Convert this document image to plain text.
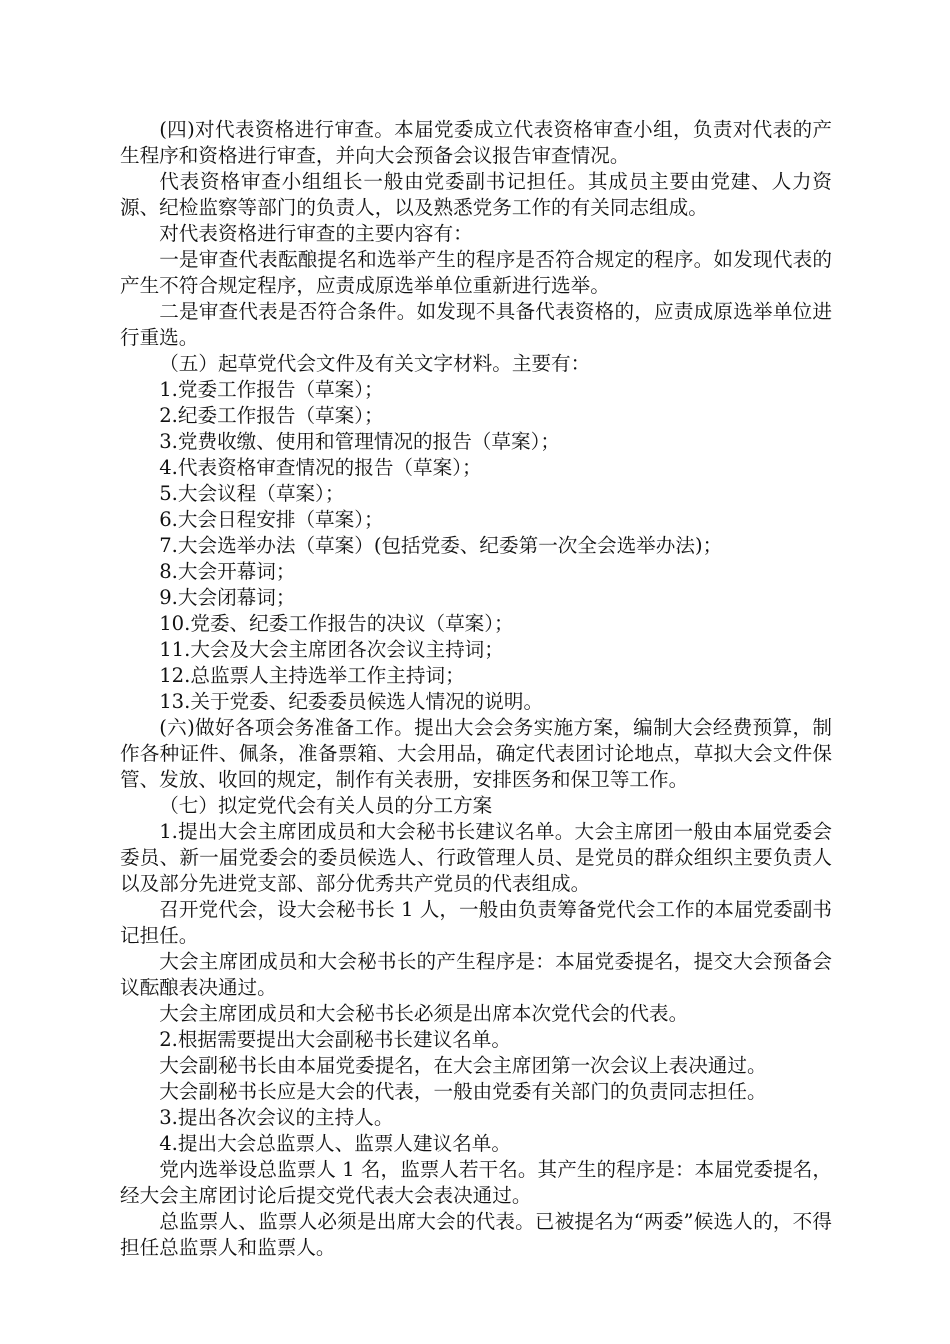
(四)对代表资格进行审查。本届党委成立代表资格审查小组，负责对代表的产生程序和资格进行审查，并向大会预备会议报告审查情况。

代表资格审查小组组长一般由党委副书记担任。其成员主要由党建、人力资源、纪检监察等部门的负责人，以及熟悉党务工作的有关同志组成。

对代表资格进行审查的主要内容有：

一是审查代表酝酿提名和选举产生的程序是否符合规定的程序。如发现代表的产生不符合规定程序，应责成原选举单位重新进行选举。

二是审查代表是否符合条件。如发现不具备代表资格的，应责成原选举单位进行重选。

（五）起草党代会文件及有关文字材料。主要有：

1.党委工作报告（草案）；

2.纪委工作报告（草案）；

3.党费收缴、使用和管理情况的报告（草案）；

4.代表资格审查情况的报告（草案）；

5.大会议程（草案）；

6.大会日程安排（草案）；

7.大会选举办法（草案）(包括党委、纪委第一次全会选举办法)；

8.大会开幕词；

9.大会闭幕词；

10.党委、纪委工作报告的决议（草案）；

11.大会及大会主席团各次会议主持词；

12.总监票人主持选举工作主持词；

13.关于党委、纪委委员候选人情况的说明。

(六)做好各项会务准备工作。提出大会会务实施方案，编制大会经费预算，制作各种证件、佩条，准备票箱、大会用品，确定代表团讨论地点，草拟大会文件保管、发放、收回的规定，制作有关表册，安排医务和保卫等工作。

（七）拟定党代会有关人员的分工方案

1.提出大会主席团成员和大会秘书长建议名单。大会主席团一般由本届党委会委员、新一届党委会的委员候选人、行政管理人员、是党员的群众组织主要负责人以及部分先进党支部、部分优秀共产党员的代表组成。

召开党代会，设大会秘书长 1 人，一般由负责筹备党代会工作的本届党委副书记担任。

大会主席团成员和大会秘书长的产生程序是：本届党委提名，提交大会预备会议酝酿表决通过。

大会主席团成员和大会秘书长必须是出席本次党代会的代表。

2.根据需要提出大会副秘书长建议名单。

大会副秘书长由本届党委提名，在大会主席团第一次会议上表决通过。

大会副秘书长应是大会的代表，一般由党委有关部门的负责同志担任。

3.提出各次会议的主持人。

4.提出大会总监票人、监票人建议名单。

党内选举设总监票人 1 名，监票人若干名。其产生的程序是：本届党委提名，经大会主席团讨论后提交党代表大会表决通过。

总监票人、监票人必须是出席大会的代表。已被提名为“两委”候选人的，不得担任总监票人和监票人。
